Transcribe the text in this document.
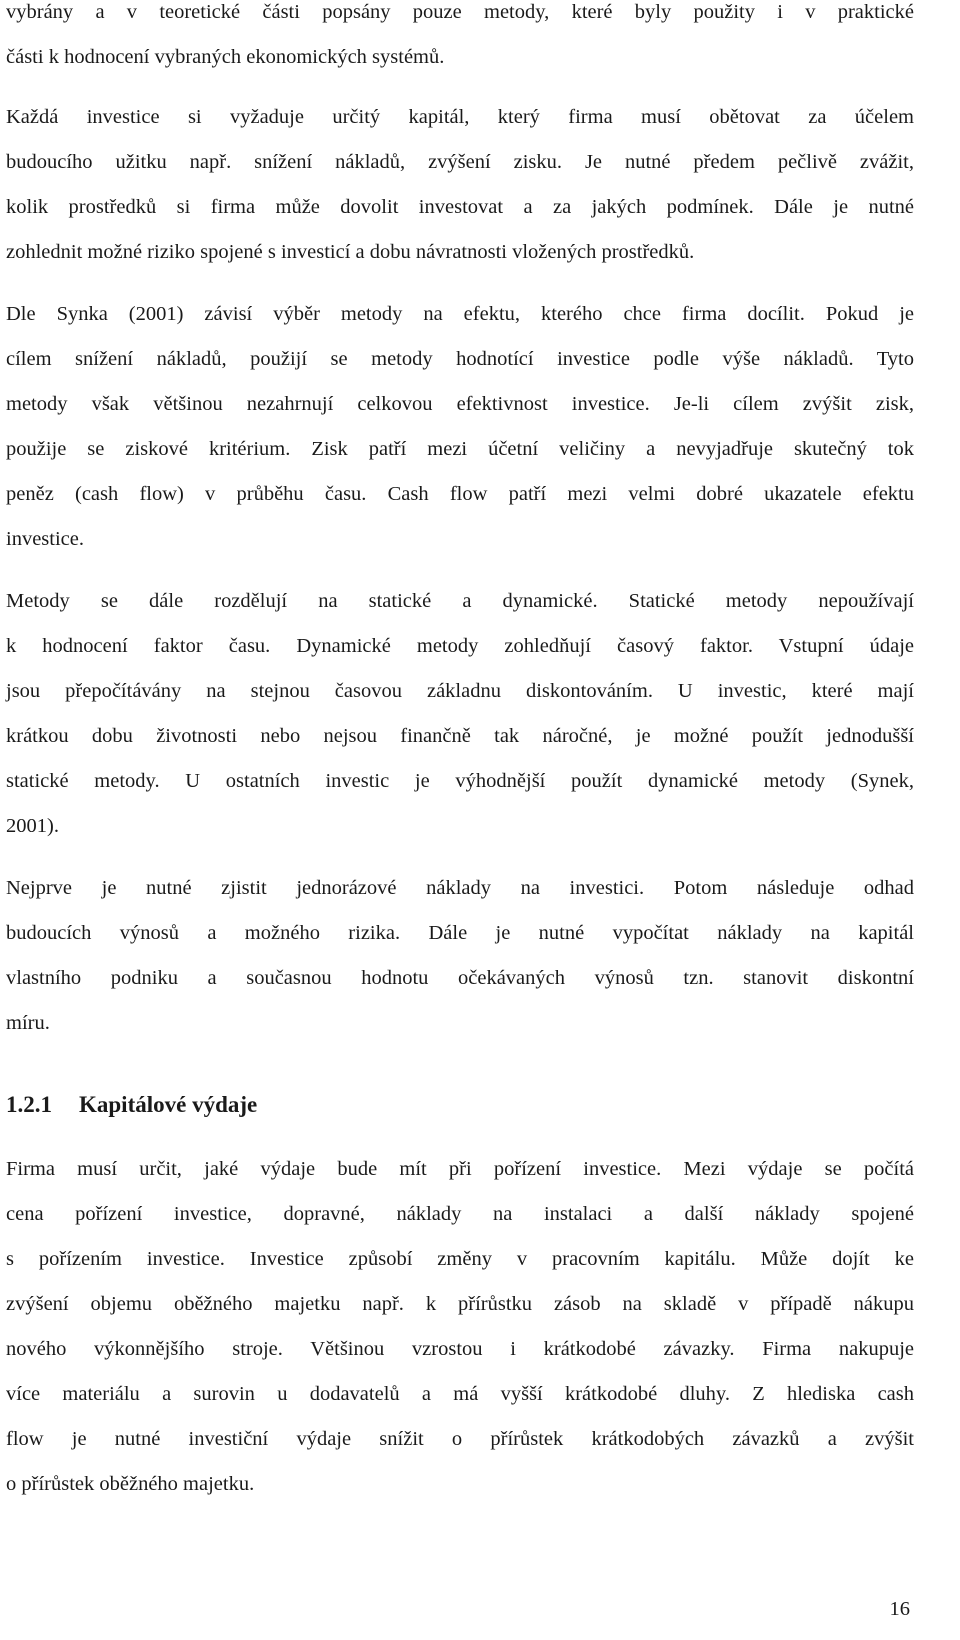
vybrány a v teoretické části popsány pouze metody, které byly použity i v praktické
části k hodnocení vybraných ekonomických systémů.
Každá investice si vyžaduje určitý kapitál, který firma musí obětovat za účelem
budoucího užitku např. snížení nákladů, zvýšení zisku. Je nutné předem pečlivě zvážit,
kolik prostředků si firma může dovolit investovat a za jakých podmínek. Dále je nutné
zohlednit možné riziko spojené s investicí a dobu návratnosti vložených prostředků.
Dle Synka (2001) závisí výběr metody na efektu, kterého chce firma docílit. Pokud je
cílem snížení nákladů, použijí se metody hodnotící investice podle výše nákladů. Tyto
metody však většinou nezahrnují celkovou efektivnost investice. Je-li cílem zvýšit zisk,
použije se ziskové kritérium. Zisk patří mezi účetní veličiny a nevyjadřuje skutečný tok
peněz (cash flow) v průběhu času. Cash flow patří mezi velmi dobré ukazatele efektu
investice.
Metody se dále rozdělují na statické a dynamické. Statické metody nepoužívají
k hodnocení faktor času. Dynamické metody zohledňují časový faktor. Vstupní údaje
jsou přepočítávány na stejnou časovou základnu diskontováním. U investic, které mají
krátkou dobu životnosti nebo nejsou finančně tak náročné, je možné použít jednodušší
statické metody. U ostatních investic je výhodnější použít dynamické metody (Synek,
2001).
Nejprve je nutné zjistit jednorázové náklady na investici. Potom následuje odhad
budoucích výnosů a možného rizika. Dále je nutné vypočítat náklady na kapitál
vlastního podniku a současnou hodnotu očekávaných výnosů tzn. stanovit diskontní
míru.
Firma musí určit, jaké výdaje bude mít při pořízení investice. Mezi výdaje se počítá
cena pořízení investice, dopravné, náklady na instalaci a další náklady spojené
s pořízením investice. Investice způsobí změny v pracovním kapitálu. Může dojít ke
zvýšení objemu oběžného majetku např. k přírůstku zásob na skladě v případě nákupu
nového výkonnějšího stroje. Většinou vzrostou i krátkodobé závazky. Firma nakupuje
více materiálu a surovin u dodavatelů a má vyšší krátkodobé dluhy. Z hlediska cash
flow je nutné investiční výdaje snížit o přírůstek krátkodobých závazků a zvýšit
o přírůstek oběžného majetku.
1.2.1 Kapitálové výdaje
16
